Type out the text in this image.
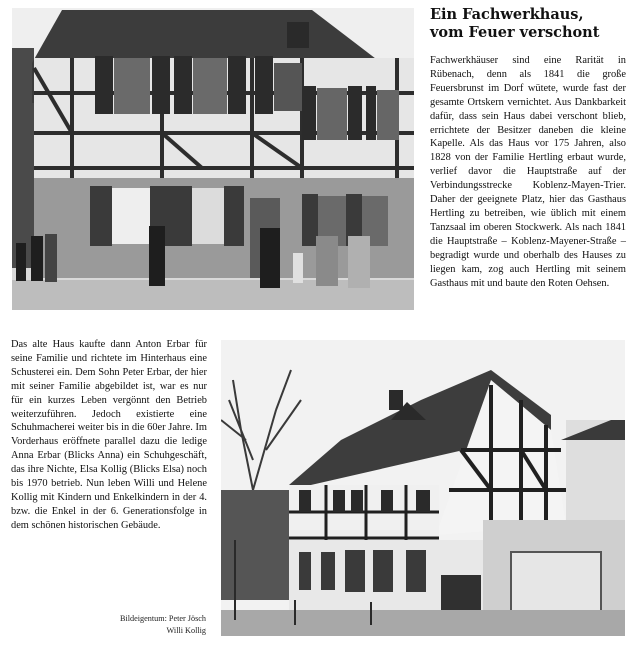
Ein Fachwerkhaus,
vom Feuer verschont
Fachwerkhäuser sind eine Rarität in Rübenach, denn als 1841 die große Feuersbrunst im Dorf wütete, wurde fast der gesamte Ortskern vernichtet. Aus Dankbarkeit dafür, dass sein Haus dabei verschont blieb, errichtete der Besitzer daneben die kleine Kapelle. Als das Haus vor 175 Jahren, also 1828 von der Familie Hertling erbaut wurde, verlief davor die Hauptstraße auf der Verbindungsstrecke Koblenz-Mayen-Trier. Daher der geeignete Platz, hier das Gasthaus Hertling zu betreiben, wie üblich mit einem Tanzsaal im oberen Stockwerk. Als nach 1841 die Hauptstraße – Koblenz-Mayener-Straße – begradigt wurde und oberhalb des Hauses zu liegen kam, zog auch Hertling mit seinem Gasthaus mit und baute den Roten Oehsen.
Das alte Haus kaufte dann Anton Erbar für seine Familie und richtete im Hinterhaus eine Schusterei ein. Dem Sohn Peter Erbar, der hier mit seiner Familie abgebildet ist, war es nur für ein kurzes Leben vergönnt den Betrieb weiterzuführen. Jedoch existierte eine Schuhmacherei weiter bis in die 60er Jahre. Im Vorderhaus eröffnete parallel dazu die ledige Anna Erbar (Blicks Anna) ein Schuhgeschäft, das ihre Nichte, Elsa Kollig (Blicks Elsa) noch bis 1970 betrieb. Nun leben Willi und Helene Kollig mit Kindern und Enkelkindern in der 4. bzw. die Enkel in der 6. Generationsfolge in dem schönen historischen Gebäude.
Bildeigentum: Peter Jösch
Willi Kollig
